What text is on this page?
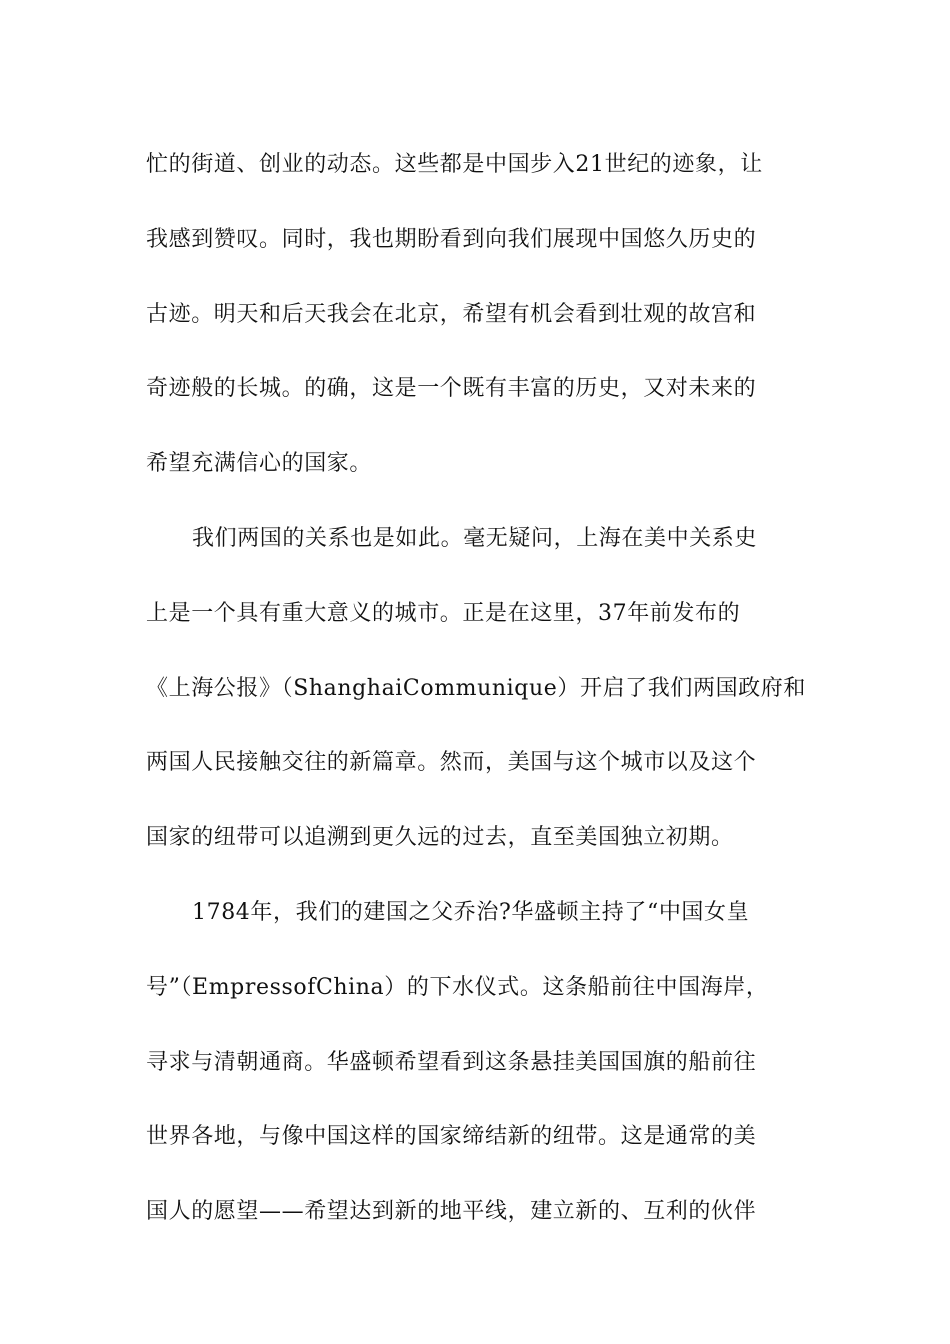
忙的街道、创业的动态。这些都是中国步入21世纪的迹象，让
我感到赞叹。同时，我也期盼看到向我们展现中国悠久历史的
古迹。明天和后天我会在北京，希望有机会看到壮观的故宫和
奇迹般的长城。的确，这是一个既有丰富的历史，又对未来的
希望充满信心的国家。
我们两国的关系也是如此。毫无疑问，上海在美中关系史
上是一个具有重大意义的城市。正是在这里，37年前发布的
《上海公报》（ShanghaiCommunique）开启了我们两国政府和
两国人民接触交往的新篇章。然而，美国与这个城市以及这个
国家的纽带可以追溯到更久远的过去，直至美国独立初期。
1784年，我们的建国之父乔治?华盛顿主持了“中国女皇
号”（EmpressofChina）的下水仪式。这条船前往中国海岸，
寻求与清朝通商。华盛顿希望看到这条悬挂美国国旗的船前往
世界各地，与像中国这样的国家缔结新的纽带。这是通常的美
国人的愿望——希望达到新的地平线，建立新的、互利的伙伴
